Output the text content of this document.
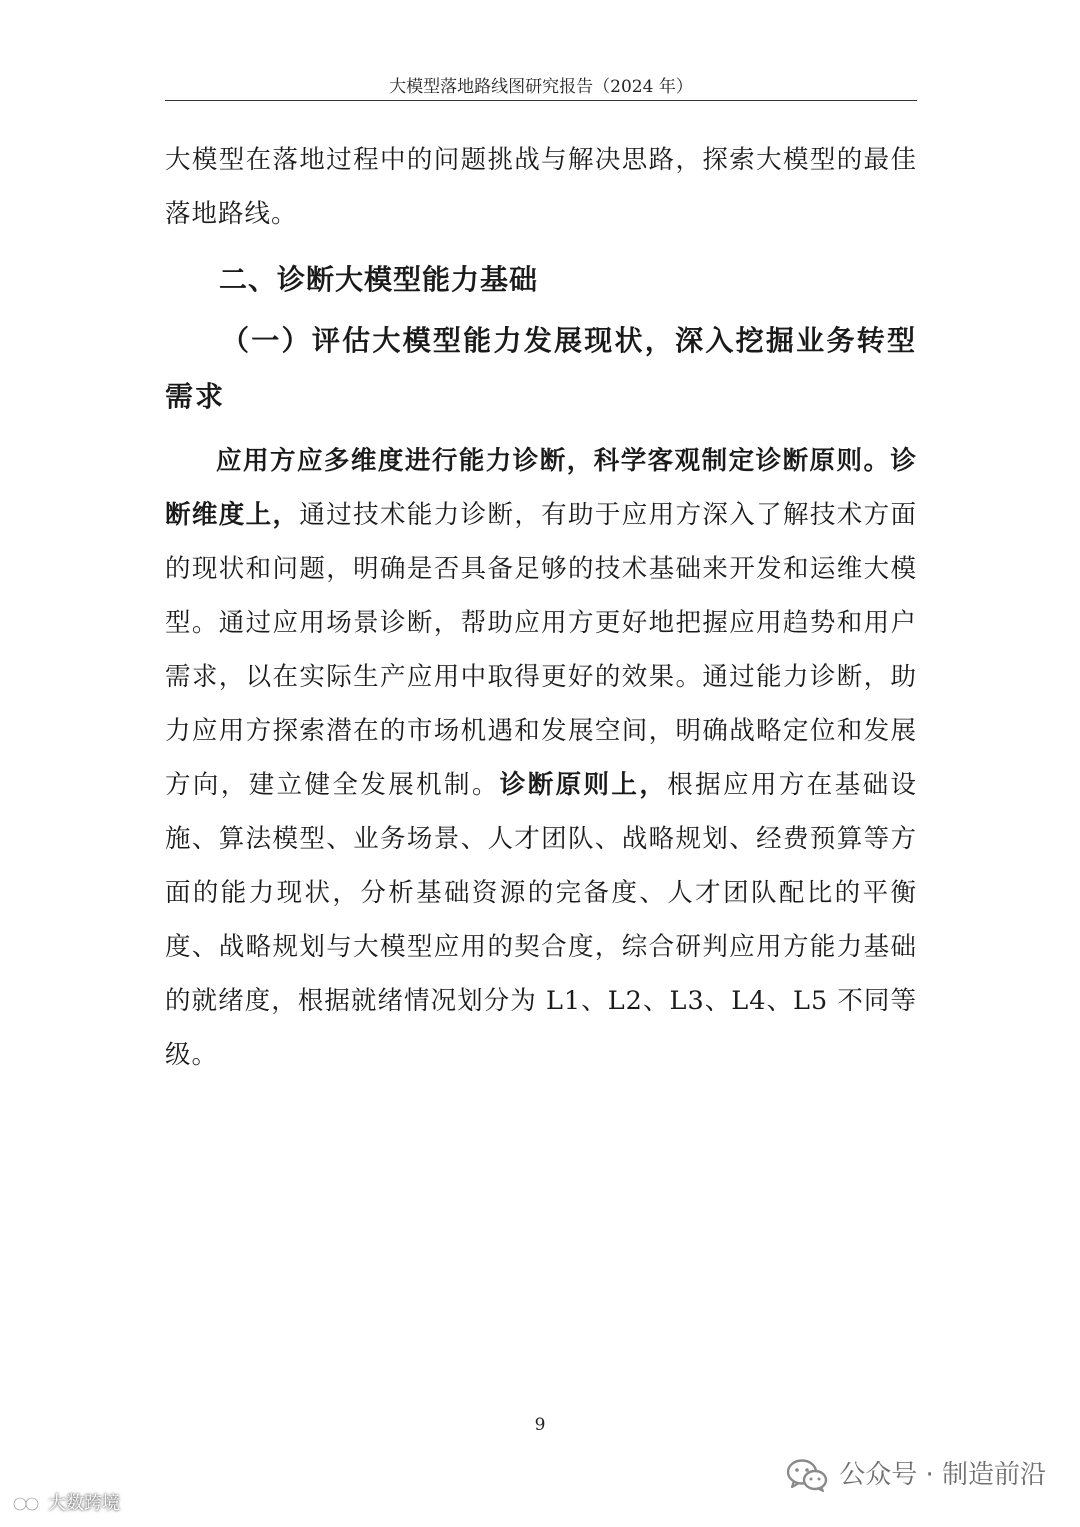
大模型落地路线图研究报告（2024 年）

大模型在落地过程中的问题挑战与解决思路，探索大模型的最佳落地路线。

二、诊断大模型能力基础
（一）评估大模型能力发展现状，深入挖掘业务转型需求

应用方应多维度进行能力诊断，科学客观制定诊断原则。诊断维度上，通过技术能力诊断，有助于应用方深入了解技术方面的现状和问题，明确是否具备足够的技术基础来开发和运维大模型。通过应用场景诊断，帮助应用方更好地把握应用趋势和用户需求，以在实际生产应用中取得更好的效果。通过能力诊断，助力应用方探索潜在的市场机遇和发展空间，明确战略定位和发展方向，建立健全发展机制。诊断原则上，根据应用方在基础设施、算法模型、业务场景、人才团队、战略规划、经费预算等方面的能力现状，分析基础资源的完备度、人才团队配比的平衡度、战略规划与大模型应用的契合度，综合研判应用方能力基础的就绪度，根据就绪情况划分为 L1、L2、L3、L4、L5 不同等级。

9
公众号 · 制造前沿
大数跨境
